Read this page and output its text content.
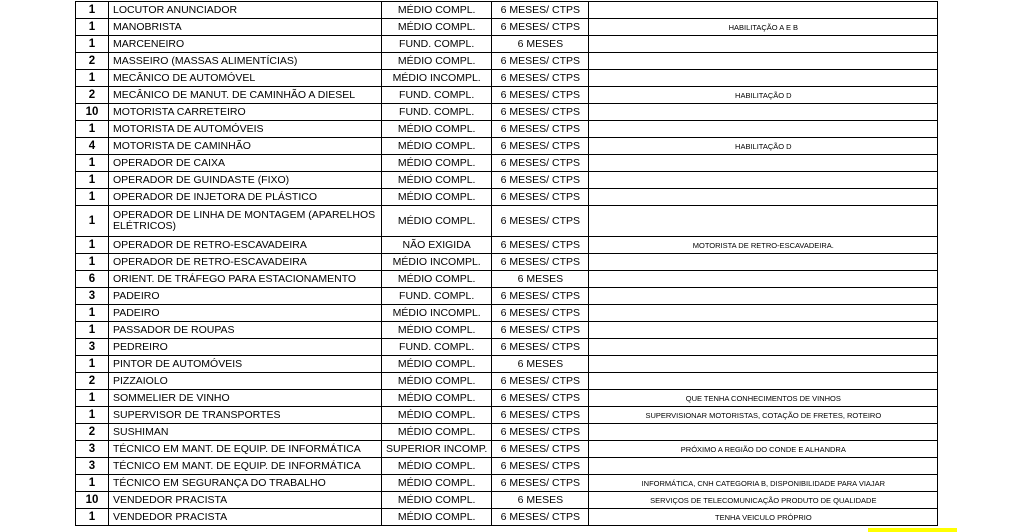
1	LOCUTOR ANUNCIADOR	MÉDIO COMPL.	6 MESES/ CTPS	
1	MANOBRISTA	MÉDIO COMPL.	6 MESES/ CTPS	HABILITAÇÃO A E B
1	MARCENEIRO	FUND. COMPL.	6 MESES	
2	MASSEIRO (MASSAS ALIMENTÍCIAS)	MÉDIO COMPL.	6 MESES/ CTPS	
1	MECÂNICO DE AUTOMÓVEL	MÉDIO INCOMPL.	6 MESES/ CTPS	
2	MECÂNICO DE MANUT. DE CAMINHÃO A DIESEL	FUND. COMPL.	6 MESES/ CTPS	HABILITAÇÃO D
10	MOTORISTA CARRETEIRO	FUND. COMPL.	6 MESES/ CTPS	
1	MOTORISTA DE AUTOMÓVEIS	MÉDIO COMPL.	6 MESES/ CTPS	
4	MOTORISTA DE CAMINHÃO	MÉDIO COMPL.	6 MESES/ CTPS	HABILITAÇÃO D
1	OPERADOR DE CAIXA	MÉDIO COMPL.	6 MESES/ CTPS	
1	OPERADOR DE GUINDASTE (FIXO)	MÉDIO COMPL.	6 MESES/ CTPS	
1	OPERADOR DE INJETORA DE PLÁSTICO	MÉDIO COMPL.	6 MESES/ CTPS	
1	OPERADOR DE LINHA DE MONTAGEM (APARELHOS ELÉTRICOS)	MÉDIO COMPL.	6 MESES/ CTPS	
1	OPERADOR DE RETRO-ESCAVADEIRA	NÃO EXIGIDA	6 MESES/ CTPS	MOTORISTA DE RETRO-ESCAVADEIRA.
1	OPERADOR DE RETRO-ESCAVADEIRA	MÉDIO INCOMPL.	6 MESES/ CTPS	
6	ORIENT. DE TRÁFEGO PARA ESTACIONAMENTO	MÉDIO COMPL.	6 MESES	
3	PADEIRO	FUND. COMPL.	6 MESES/ CTPS	
1	PADEIRO	MÉDIO INCOMPL.	6 MESES/ CTPS	
1	PASSADOR DE ROUPAS	MÉDIO COMPL.	6 MESES/ CTPS	
3	PEDREIRO	FUND. COMPL.	6 MESES/ CTPS	
1	PINTOR DE AUTOMÓVEIS	MÉDIO COMPL.	6 MESES	
2	PIZZAIOLO	MÉDIO COMPL.	6 MESES/ CTPS	
1	SOMMELIER DE VINHO	MÉDIO COMPL.	6 MESES/ CTPS	QUE TENHA CONHECIMENTOS DE VINHOS
1	SUPERVISOR DE TRANSPORTES	MÉDIO COMPL.	6 MESES/ CTPS	SUPERVISIONAR MOTORISTAS, COTAÇÃO DE FRETES, ROTEIRO
2	SUSHIMAN	MÉDIO COMPL.	6 MESES/ CTPS	
3	TÉCNICO EM MANT. DE EQUIP. DE INFORMÁTICA	SUPERIOR INCOMP.	6 MESES/ CTPS	PRÓXIMO A REGIÃO DO CONDE E ALHANDRA
3	TÉCNICO EM MANT. DE EQUIP. DE INFORMÁTICA	MÉDIO COMPL.	6 MESES/ CTPS	
1	TÉCNICO EM SEGURANÇA DO TRABALHO	MÉDIO COMPL.	6 MESES/ CTPS	INFORMÁTICA, CNH CATEGORIA B, DISPONIBILIDADE PARA VIAJAR
10	VENDEDOR PRACISTA	MÉDIO COMPL.	6 MESES	SERVIÇOS DE TELECOMUNICAÇÃO PRODUTO DE QUALIDADE
1	VENDEDOR PRACISTA	MÉDIO COMPL.	6 MESES/ CTPS	TENHA VEICULO PRÓPRIO
